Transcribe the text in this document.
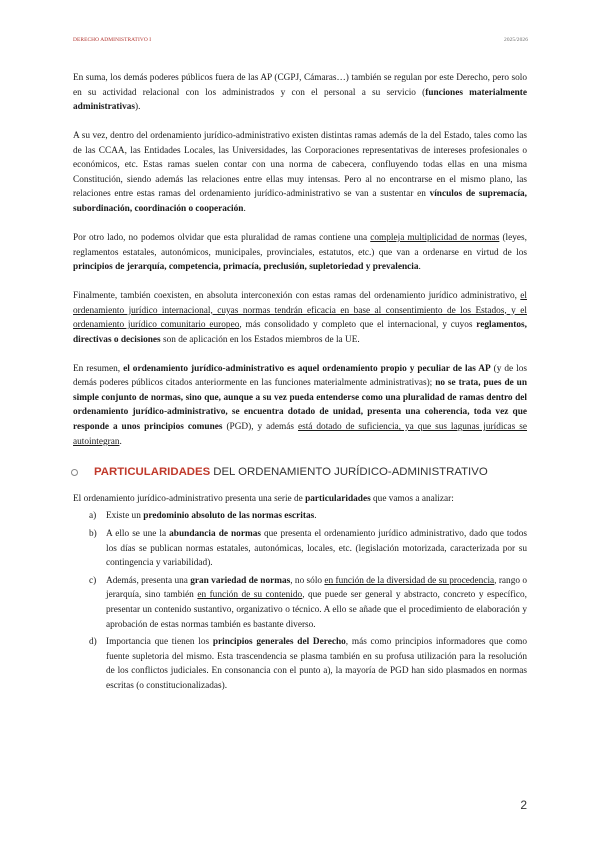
DERECHO ADMINISTRATIVO I	2025/2026

En suma, los demás poderes públicos fuera de las AP (CGPJ, Cámaras…) también se regulan por este Derecho, pero solo en su actividad relacional con los administrados y con el personal a su servicio (funciones materialmente administrativas).

A su vez, dentro del ordenamiento jurídico-administrativo existen distintas ramas además de la del Estado, tales como las de las CCAA, las Entidades Locales, las Universidades, las Corporaciones representativas de intereses profesionales o económicos, etc. Estas ramas suelen contar con una norma de cabecera, confluyendo todas ellas en una misma Constitución, siendo además las relaciones entre ellas muy intensas. Pero al no encontrarse en el mismo plano, las relaciones entre estas ramas del ordenamiento jurídico-administrativo se van a sustentar en vínculos de supremacía, subordinación, coordinación o cooperación.

Por otro lado, no podemos olvidar que esta pluralidad de ramas contiene una compleja multiplicidad de normas (leyes, reglamentos estatales, autonómicos, municipales, provinciales, estatutos, etc.) que van a ordenarse en virtud de los principios de jerarquía, competencia, primacía, preclusión, supletoriedad y prevalencia.

Finalmente, también coexisten, en absoluta interconexión con estas ramas del ordenamiento jurídico administrativo, el ordenamiento jurídico internacional, cuyas normas tendrán eficacia en base al consentimiento de los Estados, y el ordenamiento jurídico comunitario europeo, más consolidado y completo que el internacional, y cuyos reglamentos, directivas o decisiones son de aplicación en los Estados miembros de la UE.

En resumen, el ordenamiento jurídico-administrativo es aquel ordenamiento propio y peculiar de las AP (y de los demás poderes públicos citados anteriormente en las funciones materialmente administrativas); no se trata, pues de un simple conjunto de normas, sino que, aunque a su vez pueda entenderse como una pluralidad de ramas dentro del ordenamiento jurídico-administrativo, se encuentra dotado de unidad, presenta una coherencia, toda vez que responde a unos principios comunes (PGD), y además está dotado de suficiencia, ya que sus lagunas jurídicas se autointegran.

PARTICULARIDADES DEL ORDENAMIENTO JURÍDICO-ADMINISTRATIVO

El ordenamiento jurídico-administrativo presenta una serie de particularidades que vamos a analizar:

a)	Existe un predominio absoluto de las normas escritas.
b) A ello se une la abundancia de normas que presenta el ordenamiento jurídico administrativo, dado que todos los días se publican normas estatales, autonómicas, locales, etc. (legislación motorizada, caracterizada por su contingencia y variabilidad).
c)	Además, presenta una gran variedad de normas, no sólo en función de la diversidad de su procedencia, rango o jerarquía, sino también en función de su contenido, que puede ser general y abstracto, concreto y específico, presentar un contenido sustantivo, organizativo o técnico. A ello se añade que el procedimiento de elaboración y aprobación de estas normas también es bastante diverso.
d) Importancia que tienen los principios generales del Derecho, más como principios informadores que como fuente supletoria del mismo. Esta trascendencia se plasma también en su profusa utilización para la resolución de los conflictos judiciales. En consonancia con el punto a), la mayoría de PGD han sido plasmados en normas escritas (o constitucionalizadas).
2
